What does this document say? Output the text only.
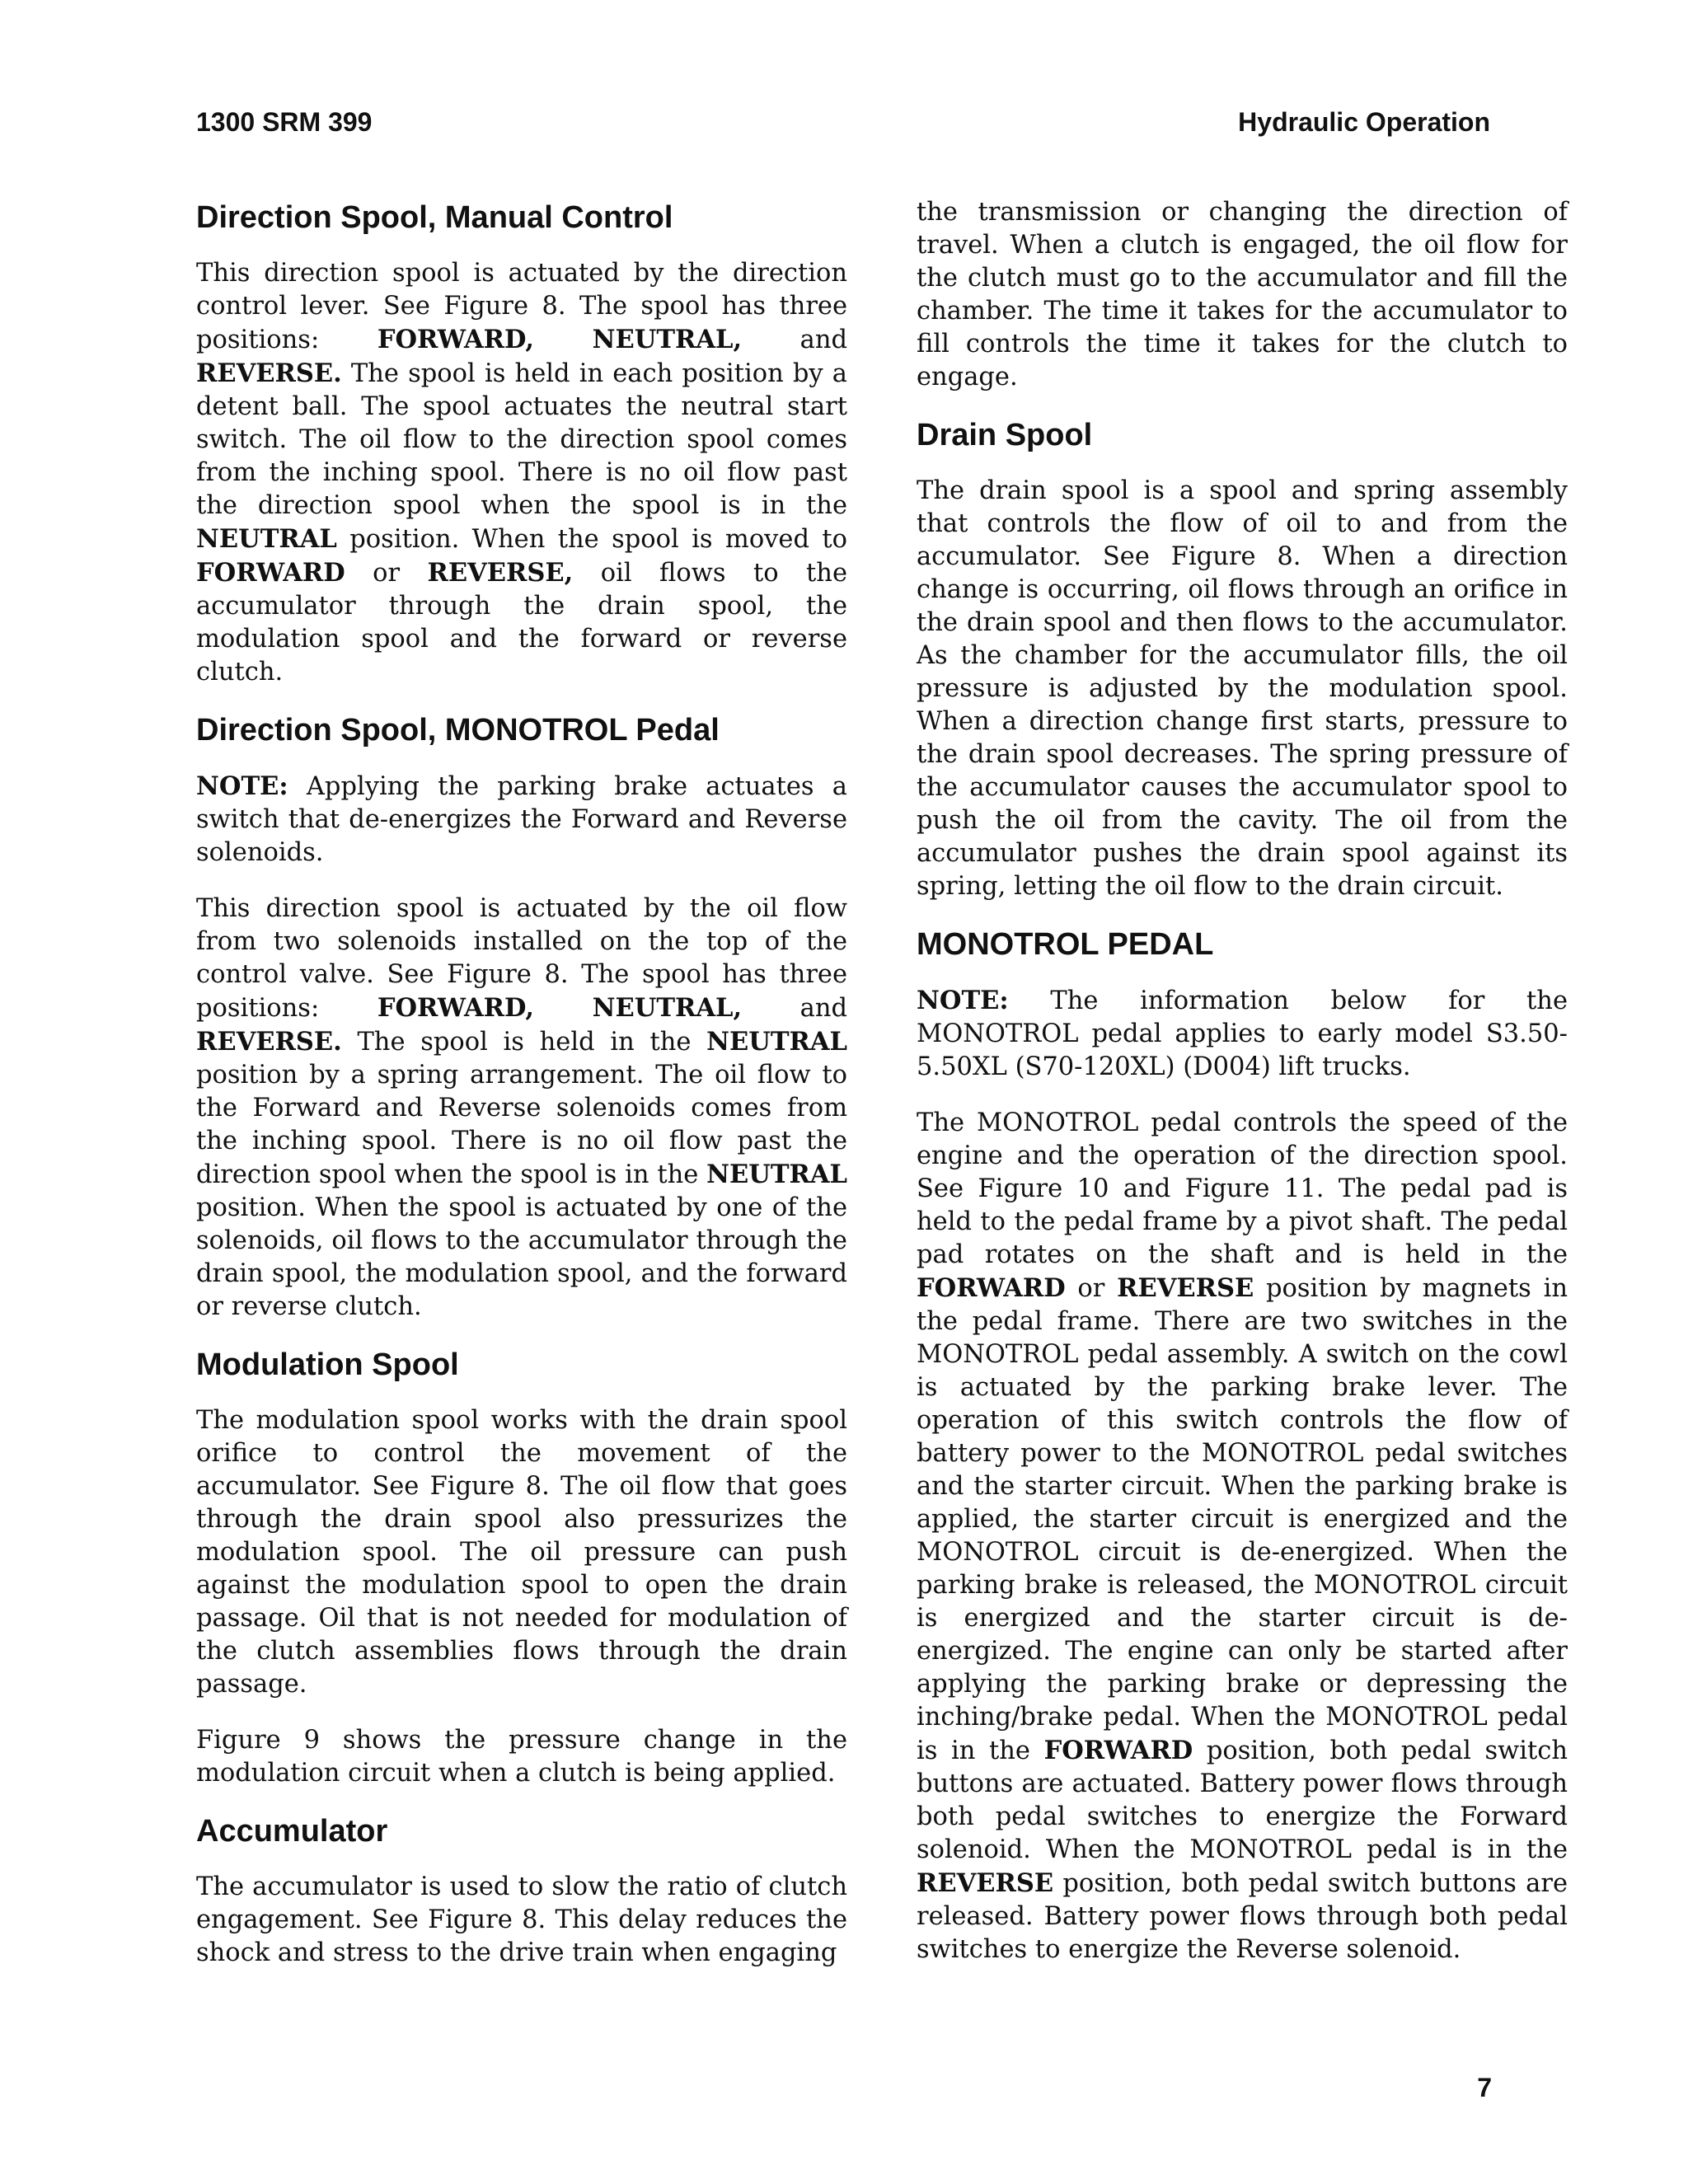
1300 SRM 399	Hydraulic Operation
Direction Spool, Manual Control

This direction spool is actuated by the direction control lever. See Figure 8. The spool has three positions: FORWARD, NEUTRAL, and REVERSE. The spool is held in each position by a detent ball. The spool actuates the neutral start switch. The oil flow to the direction spool comes from the inching spool. There is no oil flow past the direction spool when the spool is in the NEUTRAL position. When the spool is moved to FORWARD or REVERSE, oil flows to the accumulator through the drain spool, the modulation spool and the forward or reverse clutch.

Direction Spool, MONOTROL Pedal

NOTE: Applying the parking brake actuates a switch that de-energizes the Forward and Reverse solenoids.

This direction spool is actuated by the oil flow from two solenoids installed on the top of the control valve. See Figure 8. The spool has three positions: FORWARD, NEUTRAL, and REVERSE. The spool is held in the NEUTRAL position by a spring arrangement. The oil flow to the Forward and Reverse solenoids comes from the inching spool. There is no oil flow past the direction spool when the spool is in the NEUTRAL position. When the spool is actuated by one of the solenoids, oil flows to the accumulator through the drain spool, the modulation spool, and the forward or reverse clutch.

Modulation Spool

The modulation spool works with the drain spool orifice to control the movement of the accumulator. See Figure 8. The oil flow that goes through the drain spool also pressurizes the modulation spool. The oil pressure can push against the modulation spool to open the drain passage. Oil that is not needed for modulation of the clutch assemblies flows through the drain passage.

Figure 9 shows the pressure change in the modulation circuit when a clutch is being applied.

Accumulator

The accumulator is used to slow the ratio of clutch engagement. See Figure 8. This delay reduces the shock and stress to the drive train when engaging

the transmission or changing the direction of travel. When a clutch is engaged, the oil flow for the clutch must go to the accumulator and fill the chamber. The time it takes for the accumulator to fill controls the time it takes for the clutch to engage.

Drain Spool

The drain spool is a spool and spring assembly that controls the flow of oil to and from the accumulator. See Figure 8. When a direction change is occurring, oil flows through an orifice in the drain spool and then flows to the accumulator. As the chamber for the accumulator fills, the oil pressure is adjusted by the modulation spool. When a direction change first starts, pressure to the drain spool decreases. The spring pressure of the accumulator causes the accumulator spool to push the oil from the cavity. The oil from the accumulator pushes the drain spool against its spring, letting the oil flow to the drain circuit.

MONOTROL PEDAL

NOTE: The information below for the MONOTROL pedal applies to early model S3.50-5.50XL (S70-120XL) (D004) lift trucks.

The MONOTROL pedal controls the speed of the engine and the operation of the direction spool. See Figure 10 and Figure 11. The pedal pad is held to the pedal frame by a pivot shaft. The pedal pad rotates on the shaft and is held in the FORWARD or REVERSE position by magnets in the pedal frame. There are two switches in the MONOTROL pedal assembly. A switch on the cowl is actuated by the parking brake lever. The operation of this switch controls the flow of battery power to the MONOTROL pedal switches and the starter circuit. When the parking brake is applied, the starter circuit is energized and the MONOTROL circuit is de-energized. When the parking brake is released, the MONOTROL circuit is energized and the starter circuit is de-energized. The engine can only be started after applying the parking brake or depressing the inching/brake pedal. When the MONOTROL pedal is in the FORWARD position, both pedal switch buttons are actuated. Battery power flows through both pedal switches to energize the Forward solenoid. When the MONOTROL pedal is in the REVERSE position, both pedal switch buttons are released. Battery power flows through both pedal switches to energize the Reverse solenoid.

7
